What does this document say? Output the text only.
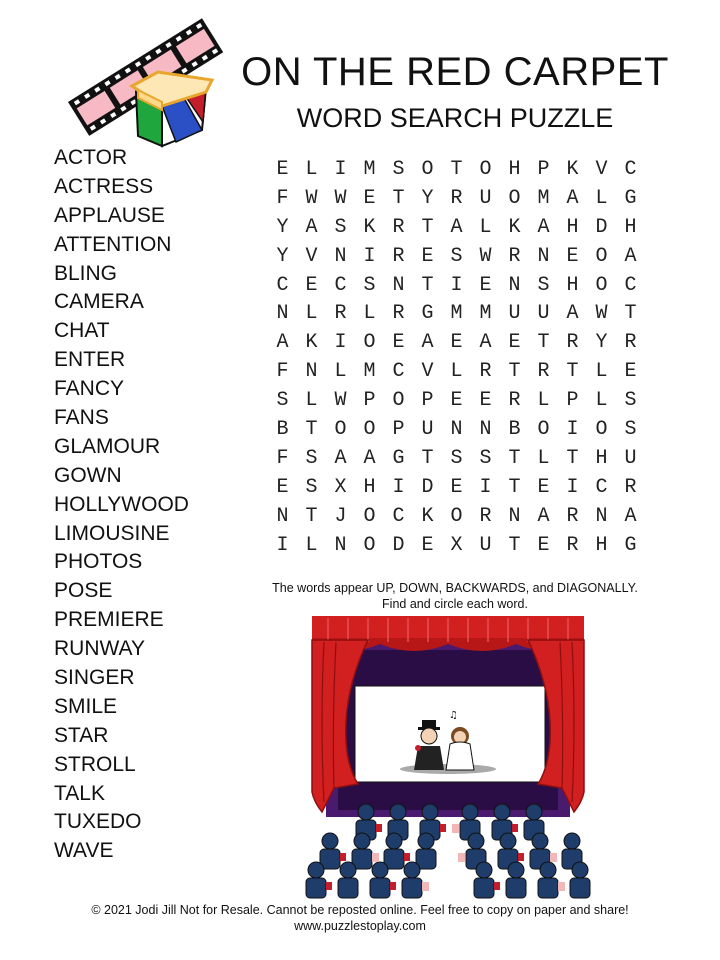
ON THE RED CARPET
WORD SEARCH PUZZLE
ACTOR
ACTRESS
APPLAUSE
ATTENTION
BLING
CAMERA
CHAT
ENTER
FANCY
FANS
GLAMOUR
GOWN
HOLLYWOOD
LIMOUSINE
PHOTOS
POSE
PREMIERE
RUNWAY
SINGER
SMILE
STAR
STROLL
TALK
TUXEDO
WAVE
E L I M S O T O H P K V C
F W W E T Y R U O M A L G
Y A S K R T A L K A H D H
Y V N I R E S W R N E O A
C E C S N T I E N S H O C
N L R L R G M M U U A W T
A K I O E A E A E T R Y R
F N L M C V L R T R T L E
S L W P O P E E R L P L S
B T O O P U N N B O I O S
F S A A G T S S T L T H U
E S X H I D E I T E I C R
N T J O C K O R N A R N A
I L N O D E X U T E R H G
The words appear UP, DOWN, BACKWARDS, and DIAGONALLY.
Find and circle each word.
♫
© 2021 Jodi Jill Not for Resale. Cannot be reposted online. Feel free to copy on paper and share!
www.puzzlestoplay.com
